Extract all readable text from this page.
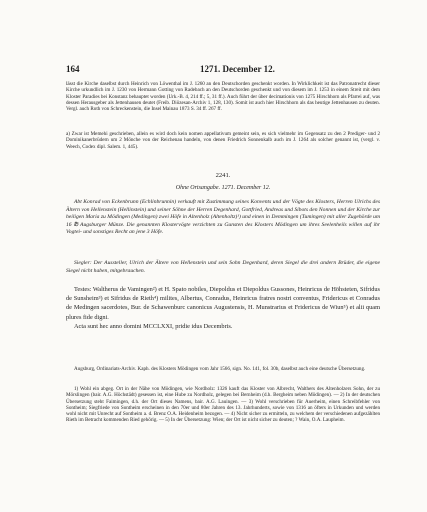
164	1271. December 12.
lässt die Kirche daselbst durch Heinrich von Löwenthal im J. 1260 an den Deutschorden geschenkt worden. In Wirklichkeit ist das Patronatrecht dieser Kirche urkundlich im J. 1230 von Hermann Gotting von Radebach an den Deutschorden geschenkt und von diesem im J. 1253 in einem Streit mit dem Kloster Paradies bei Konstanz behauptet worden (Urk.-B. 4, 214 ff.; 5, 31 ff.). Auch führt der über decimationis von 1275 Hirschhorn als Pfarrei auf, was dessen Herausgeber als Jettenhausen deutet (Freib. Diözesan-Archiv 1, 128, 130). Somit ist auch hier Hirschhorn als das heutige Jettenhausen zu deuten. Vergl. auch Roth von Schreckenstein, die Insel Mainau 1873 S. 34 ff. 267 ff.
a) Zwar ist Memehi geschrieben, allein es wird doch kein nomen appellativum gemeint sein, es sich vielmehr im Gegensatz zu den 2 Prediger- und 2 Dominikanerbrüdern um 2 Mönche von der Reichenau handeln, von denen Friedrich Sonnenkalb auch im J. 1264 als solcher genannt ist, (vergl. v. Weech, Codex dipl. Salem. 1, 445).
2241.
Ohne Ortsangabe. 1271. December 12.
Abt Konrad von Eckenbrunn (Echlinbrunnin) verkauft mit Zustimmung seines Konvents und der Vögte des Klosters, Herren Ulrichs des Ältern von Hellenstein (Hellinstein) und seiner Söhne der Herren Degenhard, Gottfried, Andreas und Sibots den Nonnen und der Kirche zur heiligen Maria zu Mödingen (Medingen) zwei Höfe in Altenholz (Altenholtz)¹) und einen in Demmingen (Tumingen) mit aller Zugehörde um 16 ℔ Augsburger Münze. Die genannten Klostervögte verzichten zu Gunsten des Klosters Mödingen um ihres Seelenheils willen auf ihr Vogtei- und sonstiges Recht an jene 3 Höfe.
Siegler: Der Aussteller, Ulrich der Ältere von Hellenstein und sein Sohn Degenhard, deren Siegel die drei andern Brüder, die eigene Siegel nicht haben, mitgebrauchen.
Testes: Waltherus de Vamingen²) et H. Spato nobiles, Diepoldus et Diepoldus Gussones, Heinricus de Höhsteten, Sifridus de Sunsheim³) et Sifridus de Rieth⁴) milites, Albertus, Conradus, Heinricus fratres nostri conventus, Fridericus et Conradus de Medingen sacerdotes, Bur. de Schawenburc canonicus Augustensis, H. Munstrarius et Fridericus de Wiun⁵) et alii quam plures fide digni.
Acta sunt hec anno domini MCCLXXI, pridie idus Decembris.
Augsburg, Ordinariats-Archiv. Kaph. des Klosters Mödingen vom Jahr 1566, sign. No. 141, fol. 30b, daselbst auch eine deutsche Übersetzung.
1) Wohl ein abgeg. Ort in der Nähe von Mödingen, wie Nordholz: 1326 kauft das Kloster von Albrecht, Walthers des Altenholzers Sohn, der zu Mörslingen (bair. A.G. Höchstädt) gesessen ist, eine Hube zu Nordholz, gelegen bei Bernheim (d.h. Bergheim neben Mödingen). — 2) In der deutschen Übersetzung steht Faimingen, d.h. der Ort dieses Namens, bair. A.G. Lauingen. — 3) Wohl verschrieben für Auerheim, einen Schreibfehler von Sontheim; Siegfriede von Sontheim erscheinen in den 70er und 80er Jahren des 13. Jahrhunderts, sowie von 1316 an öfters in Urkunden und werden wohl nicht mit Unrecht auf Sontheim a. d. Brenz O.A. Heidenheim bezogen. — 4) Nicht sicher zu ermitteln, zu welchem der verschiedenen aufgezählten Rieth im Betracht kommenden Ried gehörig. — 5) In der Übersetzung: Wien; der Ort ist nicht sicher zu deuten; ? Wain, O.A. Laupheim.
